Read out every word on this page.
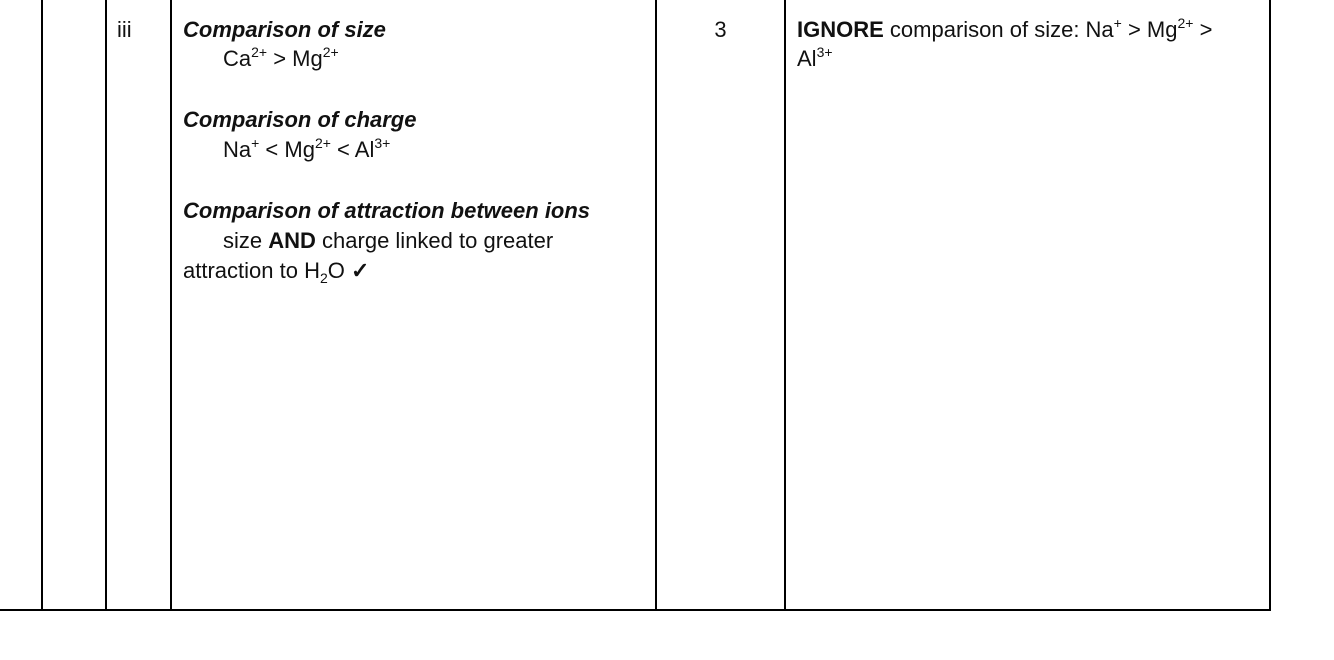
iii Comparison of size
$Ca^{2+} > Mg^{2+}$
Comparison of charge
$Na^+ < Mg^{2+} < Al^{3+}$
Comparison of attraction between ions
size AND charge linked to greater
attraction to $H_2O$ ✓
3	IGNORE comparison of size: $Na^+ > Mg^{2+}$ >
$Al^{3+}$
